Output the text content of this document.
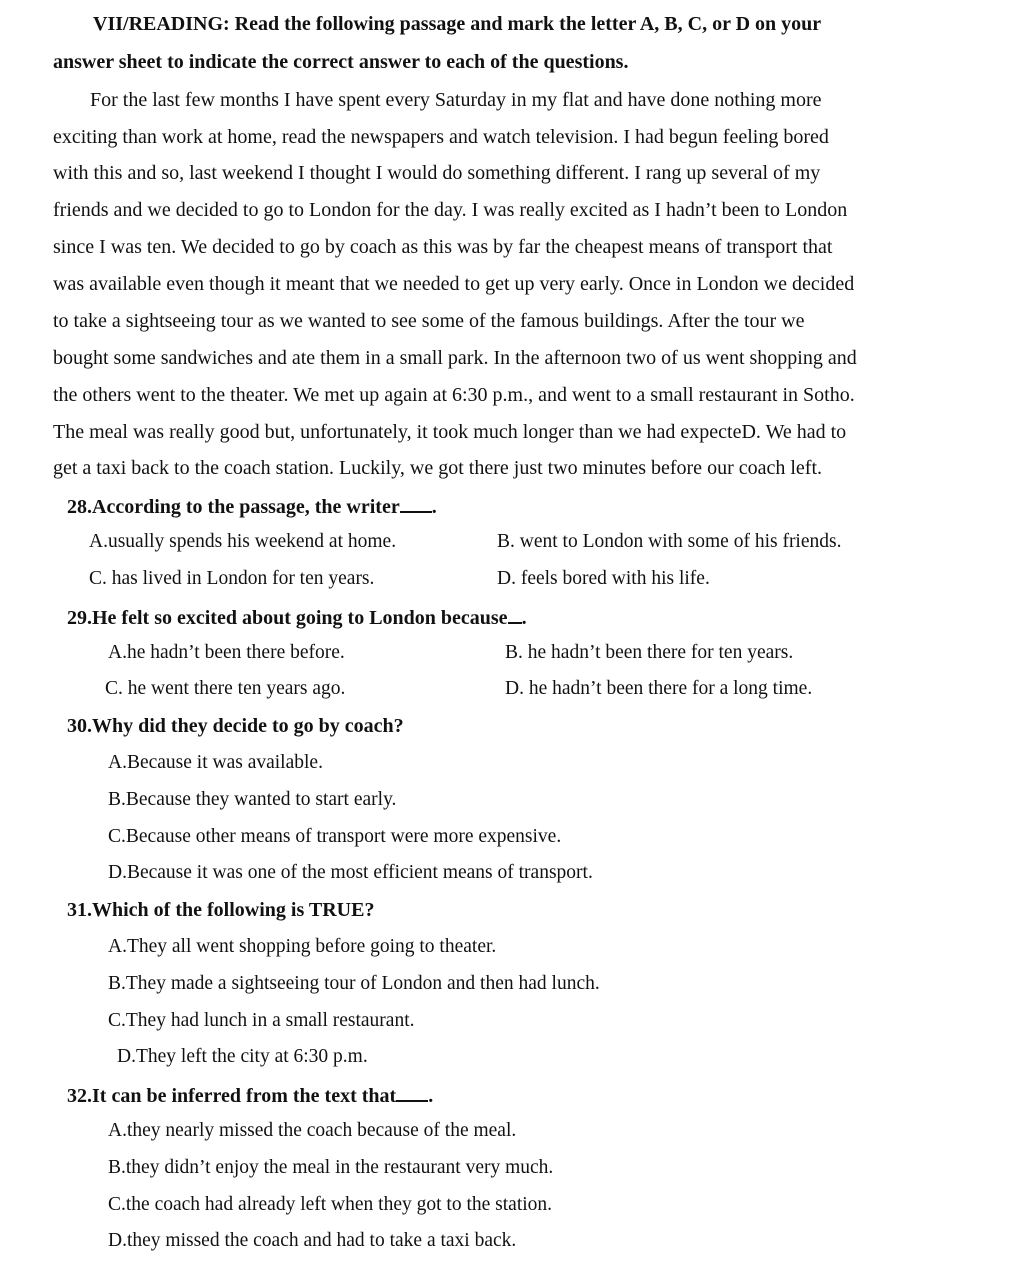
VII/READING: Read the following passage and mark the letter A, B, C, or D on your
answer sheet to indicate the correct answer to each of the questions.
For the last few months I have spent every Saturday in my flat and have done nothing more
exciting than work at home, read the newspapers and watch television. I had begun feeling bored
with this and so, last weekend I thought I would do something different. I rang up several of my
friends and we decided to go to London for the day. I was really excited as I hadn’t been to London
since I was ten. We decided to go by coach as this was by far the cheapest means of transport that
was available even though it meant that we needed to get up very early. Once in London we decided
to take a sightseeing tour as we wanted to see some of the famous buildings. After the tour we
bought some sandwiches and ate them in a small park. In the afternoon two of us went shopping and
the others went to the theater. We met up again at 6:30 p.m., and went to a small restaurant in Sotho.
The meal was really good but, unfortunately, it took much longer than we had expecteD. We had to
get a taxi back to the coach station. Luckily, we got there just two minutes before our coach left.
28.According to the passage, the writer .
A.usually spends his weekend at home.	B. went to London with some of his friends.
C. has lived in London for ten years.	D. feels bored with his life.
29.He felt so excited about going to London because .
A.he hadn’t been there before.	B. he hadn’t been there for ten years.
C. he went there ten years ago.	D. he hadn’t been there for a long time.
30.Why did they decide to go by coach?
A.Because it was available.
B.Because they wanted to start early.
C.Because other means of transport were more expensive.
D.Because it was one of the most efficient means of transport.
31.Which of the following is TRUE?
A.They all went shopping before going to theater.
B.They made a sightseeing tour of London and then had lunch.
C.They had lunch in a small restaurant.
D.They left the city at 6:30 p.m.
32.It can be inferred from the text that .
A.they nearly missed the coach because of the meal.
B.they didn’t enjoy the meal in the restaurant very much.
C.the coach had already left when they got to the station.
D.they missed the coach and had to take a taxi back.
